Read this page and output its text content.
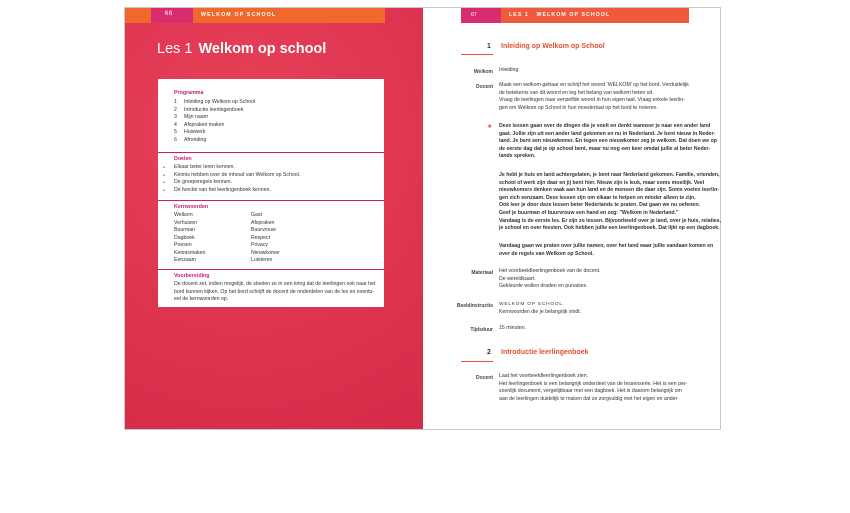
66	WELKOM OP SCHOOL
Les 1 Welkom op school
Programma
1 Inleiding op Welkom op School
2 Introductie leerlingenboek
3 Mijn naam
4 Afspraken maken
5 Huiswerk
6 Afronding
Doelen
• Elkaar beter leren kennen.
• Kennis hebben over de inhoud van Welkom op School.
• De groepsregels kennen.
• De functie van het leerlingenboek kennen.
Kernwoorden
Welkom
Verhuizen
Buurman
Dagboek
Poesen
Kennismaken
Eenzaam
Gast
Afspraken
Buurvrouw
Respect
Privacy
Nieuwkomer
Luisteren
Voorbereiding
De docent zet, indien mogelijk, de stoelen ze in een kring dat de leerlingen ook naar het
bord kunnen kijken. Op het bord schrijft de docent de onderdelen van de les en eventu-
eel de kernwoorden op.
67	LES 1 WELKOM OP SCHOOL
1 Inleiding op Welkom op School
Welkom Inleiding
Docent Maak een welkom-gebaar en schrijf het woord ‘WELKOM’ op het bord. Verduidelijk

de betekenis van dit woord en leg het belang van welkom heten uit.

Vraag de leerlingen naar eenzelfde woord in hun eigen taal. Vraag enkele leerlin-

gen om Welkom op School in hun moedertaal op het bord te noteren.

★ Deze lessen gaan over de dingen die je voelt en denkt wanneer je naar een ander land

gaat. Jullie zijn uit een ander land gekomen en nu in Nederland. Je bent nieuw in Neder-

land. Je bent een nieuwkomer. En tegen een nieuwkomer zeg je welkom. Dat doen we op

de eerste dag dat je op school bent, maar nu nog een keer omdat jullie al beter Neder-

lands spreken.

Je hebt je huis en land achtergelaten, je bent naar Nederland gekomen. Familie, vrienden,

school of werk zijn daar en jij bent hier. Nieuw zijn is leuk, maar soms moeilijk. Veel

nieuwkomers denken vaak aan hun land en de mensen die daar zijn. Soms voelen leerlin-

gen zich eenzaam. Deze lessen zijn om elkaar te helpen en minder alleen te zijn.

Ook leer je door deze lessen beter Nederlands te praten. Dat gaan we nu oefenen.

Geef je buurman of buurvrouw een hand en zeg: "Welkom in Nederland."

Vandaag is de eerste les. Er zijn zo lessen. Bijvoorbeeld over je land, over je huis, relaties,

je school en over feesten. Ook hebben jullie een leerlingenboek. Dat lijkt op een dagboek.

Vandaag gaan we praten over jullie namen, over het land waar jullie vandaan komen en

over de regels van Welkom op School.

Materiaal Het voorbeeldleerlingenboek van de docent.

De wereldkaart.

Gekleurde wollen draden en punaises.

Beeldinstructie WELKOM OP SCHOOL.

Kernwoorden die je belangrijk vindt.

Tijdsduur 15 minuten.
2 Introductie leerlingenboek
Docent Laat het voorbeeldleerlingenboek zien.

Het leerlingenboek is een belangrijk onderdeel van de lessenserie. Het is een per-

soonlijk document, vergelijkbaar met een dagboek. Het is daarom belangrijk om

aan de leerlingen duidelijk te maken dat ze zorgvuldig met het eigen en ander-
